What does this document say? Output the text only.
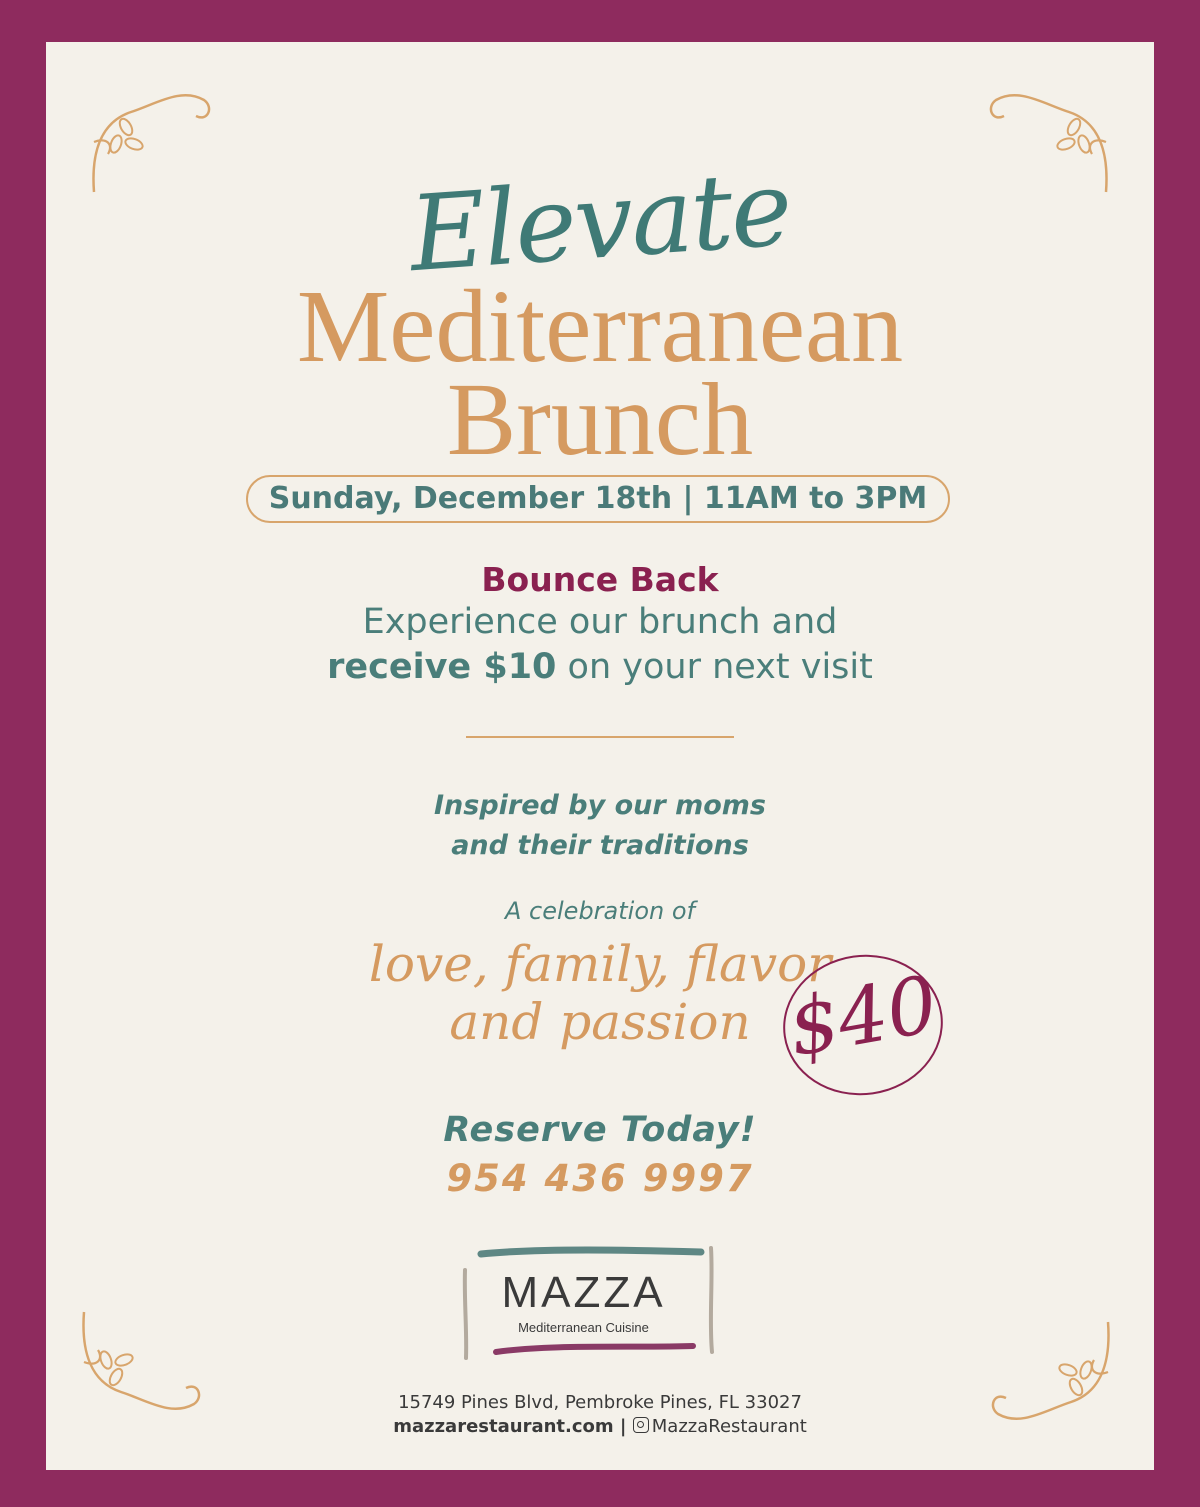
Elevate
Mediterranean
Brunch
Sunday, December 18th | 11AM to 3PM
Bounce Back
Experience our brunch and
receive $10 on your next visit
Inspired by our moms
and their traditions
A celebration of
love, family, flavor
and passion $40
Reserve Today!
954 436 9997
MAZZA
Mediterranean Cuisine
15749 Pines Blvd, Pembroke Pines, FL 33027
mazzarestaurant.com | MazzaRestaurant
